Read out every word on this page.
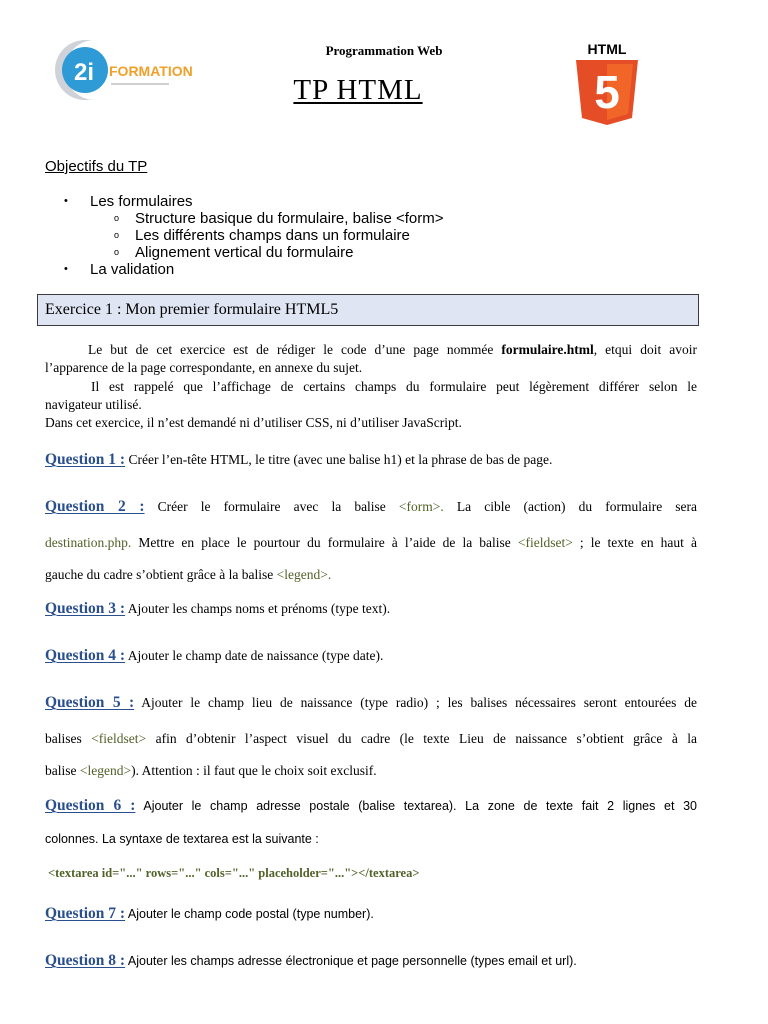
2i FORMATION
Programmation Web
TP HTML
HTML
5
Objectifs du TP
• Les formulaires
o Structure basique du formulaire, balise <form>
o Les différents champs dans un formulaire
o Alignement vertical du formulaire
• La validation
Exercice 1 : Mon premier formulaire HTML5
Le but de cet exercice est de rédiger le code d’une page nommée formulaire.html, etqui doit avoir
l’apparence de la page correspondante, en annexe du sujet.
Il est rappelé que l’affichage de certains champs du formulaire peut légèrement différer selon le
navigateur utilisé.
Dans cet exercice, il n’est demandé ni d’utiliser CSS, ni d’utiliser JavaScript.
Question 1 : Créer l’en-tête HTML, le titre (avec une balise h1) et la phrase de bas de page.
Question 2 : Créer le formulaire avec la balise <form>. La cible (action) du formulaire sera
destination.php. Mettre en place le pourtour du formulaire à l’aide de la balise <fieldset> ; le texte en haut à
gauche du cadre s’obtient grâce à la balise <legend>.
Question 3 : Ajouter les champs noms et prénoms (type text).
Question 4 : Ajouter le champ date de naissance (type date).
Question 5 : Ajouter le champ lieu de naissance (type radio) ; les balises nécessaires seront entourées de
balises <fieldset> afin d’obtenir l’aspect visuel du cadre (le texte Lieu de naissance s’obtient grâce à la
balise <legend>). Attention : il faut que le choix soit exclusif.
Question 6 : Ajouter le champ adresse postale (balise textarea). La zone de texte fait 2 lignes et 30
colonnes. La syntaxe de textarea est la suivante :
<textarea id="..." rows="..." cols="..." placeholder="..."></textarea>
Question 7 : Ajouter le champ code postal (type number).
Question 8 : Ajouter les champs adresse électronique et page personnelle (types email et url).
